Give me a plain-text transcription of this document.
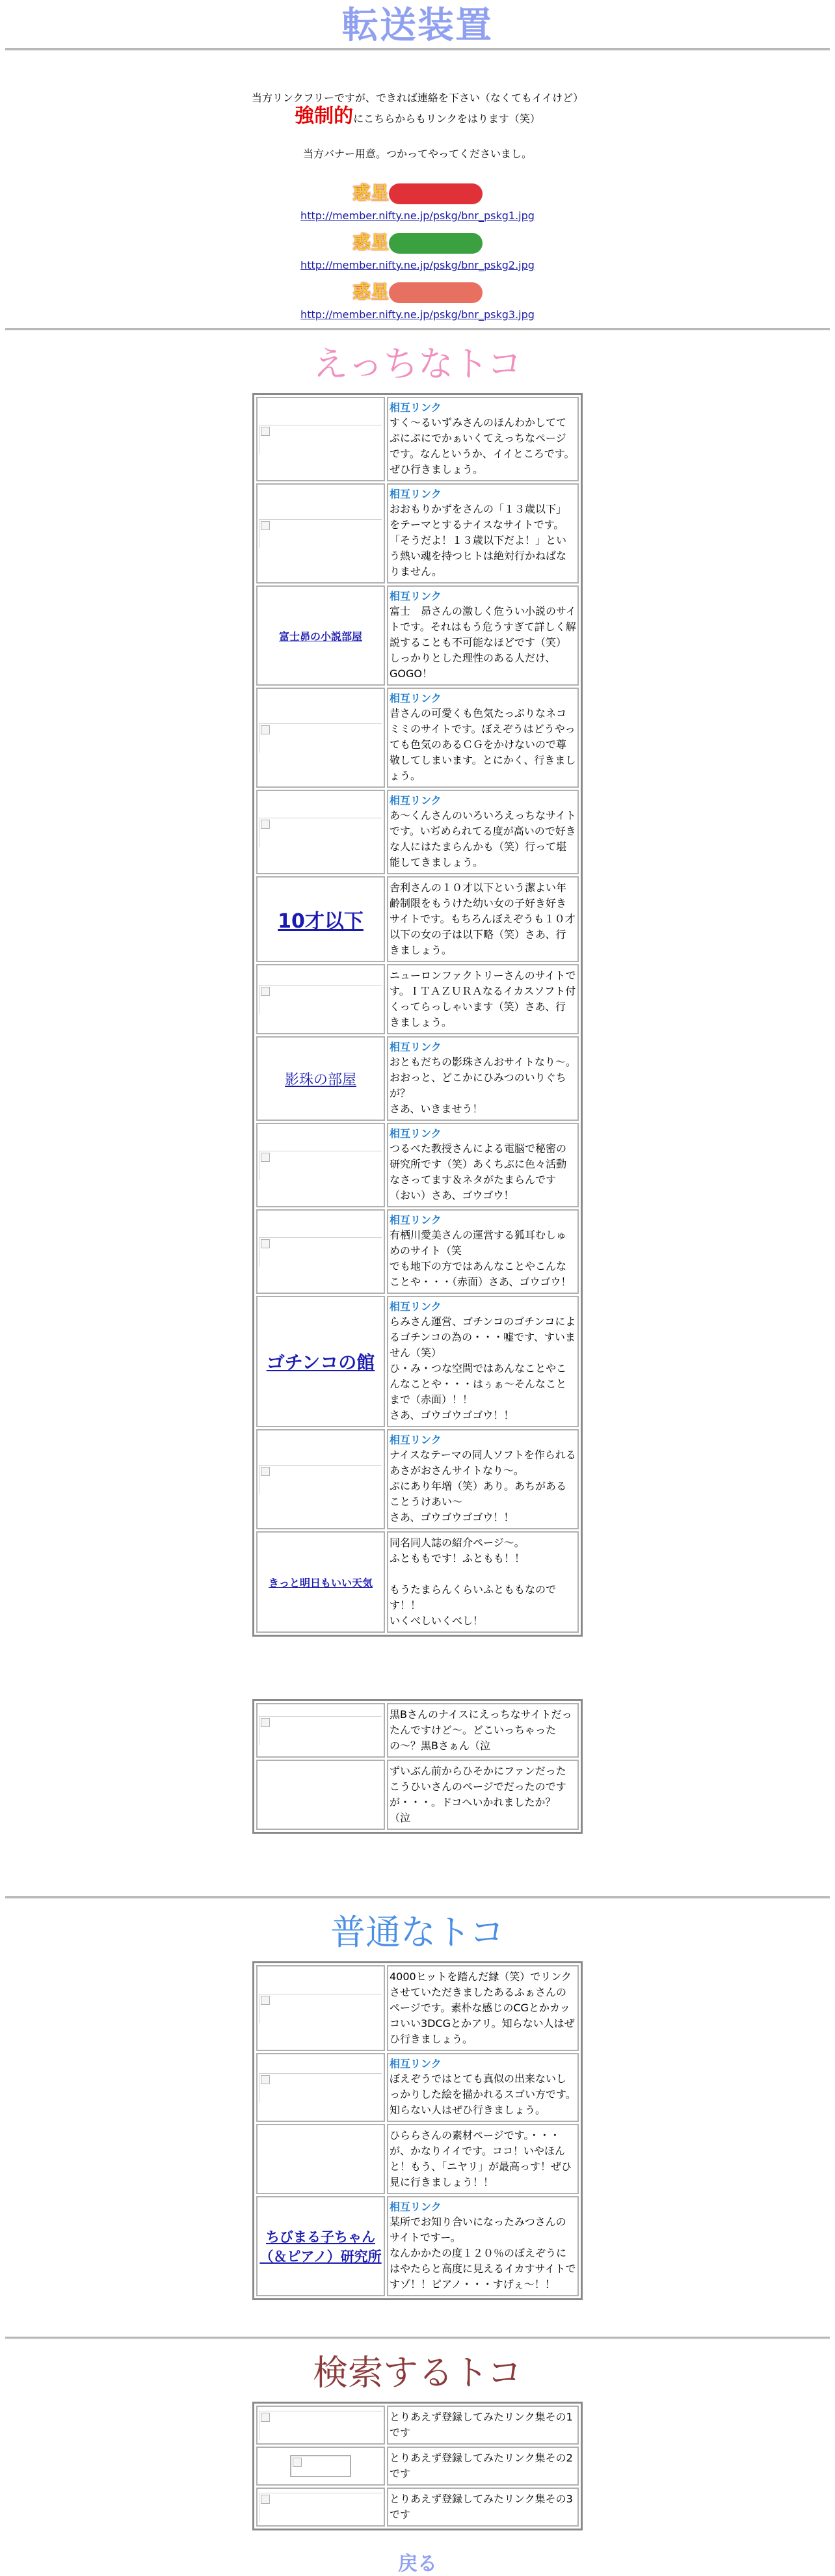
転送装置

当方リンクフリーですが、できれば連絡を下さい（なくてもイイけど）

強制的にこちらからもリンクをはります（笑）

当方バナー用意。つかってやってくださいまし。

惑星
http://member.nifty.ne.jp/pskg/bnr_pskg1.jpg
惑星
http://member.nifty.ne.jp/pskg/bnr_pskg2.jpg
惑星
http://member.nifty.ne.jp/pskg/bnr_pskg3.jpg
えっちなトコ

	相互リンク
すく〜るいずみさんのほんわかしててぷにぷにでかぁいくてえっちなページです。なんというか、イイところです。ぜひ行きましょう。

	相互リンク
おおもりかずをさんの「１３歳以下」をテーマとするナイスなサイトです。「そうだよ！１３歳以下だよ！」という熱い魂を持つヒトは絶対行かねばなりません。
富士昴の小説部屋	相互リンク
富士　昴さんの激しく危うい小説のサイトです。それはもう危うすぎて詳しく解説することも不可能なほどです（笑）しっかりとした理性のある人だけ、GOGO！

	相互リンク
昔さんの可愛くも色気たっぷりなネコミミのサイトです。ぼえぞうはどうやっても色気のあるＣＧをかけないので尊敬してしまいます。とにかく、行きましょう。

	相互リンク
あ〜くんさんのいろいろえっちなサイトです。いぢめられてる度が高いので好きな人にはたまらんかも（笑）行って堪能してきましょう。
10才以下	舎利さんの１０才以下という潔よい年齢制限をもうけた幼い女の子好き好きサイトです。もちろんぼえぞうも１０才以下の女の子は以下略（笑）さあ、行きましょう。

	ニューロンファクトリーさんのサイトです。ＩＴＡＺＵＲＡなるイカスソフト付くってらっしゃいます（笑）さあ、行きましょう。
影珠の部屋	相互リンク
おともだちの影珠さんおサイトなり〜。おおっと、どこかにひみつのいりぐちが？
さあ、いきませう！

	相互リンク
つるべた教授さんによる電脳で秘密の研究所です（笑）あくちぶに色々活動なさってます＆ネタがたまらんです（おい）さあ、ゴウゴウ！

	相互リンク
有栖川愛美さんの運営する狐耳むしゅめのサイト（笑
でも地下の方ではあんなことやこんなことや・・・（赤面）さあ、ゴウゴウ！
ゴチンコの館	相互リンク
らみさん運営、ゴチンコのゴチンコによるゴチンコの為の・・・嘘です、すいません（笑）
ひ・み・つな空間ではあんなことやこんなことや・・・はぅぁ〜そんなことまで（赤面）！！
さあ、ゴウゴウゴゴウ！！

	相互リンク
ナイスなテーマの同人ソフトを作られるあさがおさんサイトなり〜。
ぷにあり年増（笑）あり。あちがあることうけあい〜
さあ、ゴウゴウゴゴウ！！
きっと明日もいい天気	同名同人誌の紹介ページ〜。
ふとももです！ふともも！！

もうたまらんくらいふとももなのです！！
いくべしいくべし！
	黒Bさんのナイスにえっちなサイトだったんですけど〜。どこいっちゃったの〜？黒Bさぁん（泣
	ずいぶん前からひそかにファンだったこうひいさんのページでだったのですが・・・。ドコへいかれましたか？（泣
普通なトコ
	4000ヒットを踏んだ縁（笑）でリンクさせていただきましたあるふぁさんのページです。素朴な感じのCGとかカッコいい3DCGとかアリ。知らない人はぜひ行きましょう。

	相互リンク
ぼえぞうではとても真似の出来ないしっかりした絵を描かれるスゴい方です。知らない人はぜひ行きましょう。
	ひららさんの素材ページです。・・・が、かなりイイです。ココ！いやほんと！もう、「ニヤリ」が最高っす！ぜひ見に行きましょう！！
ちびまる子ちゃん（＆ピアノ）研究所	相互リンク
某所でお知り合いになったみつさんのサイトですー。
なんかかたの度１２０％のぼえぞうにはやたらと高度に見えるイカすサイトですゾ！！ピアノ・・・すげぇ〜！！
検索するトコ
	とりあえず登録してみたリンク集その1です

	とりあえず登録してみたリンク集その2です

	とりあえず登録してみたリンク集その3です
戻る
